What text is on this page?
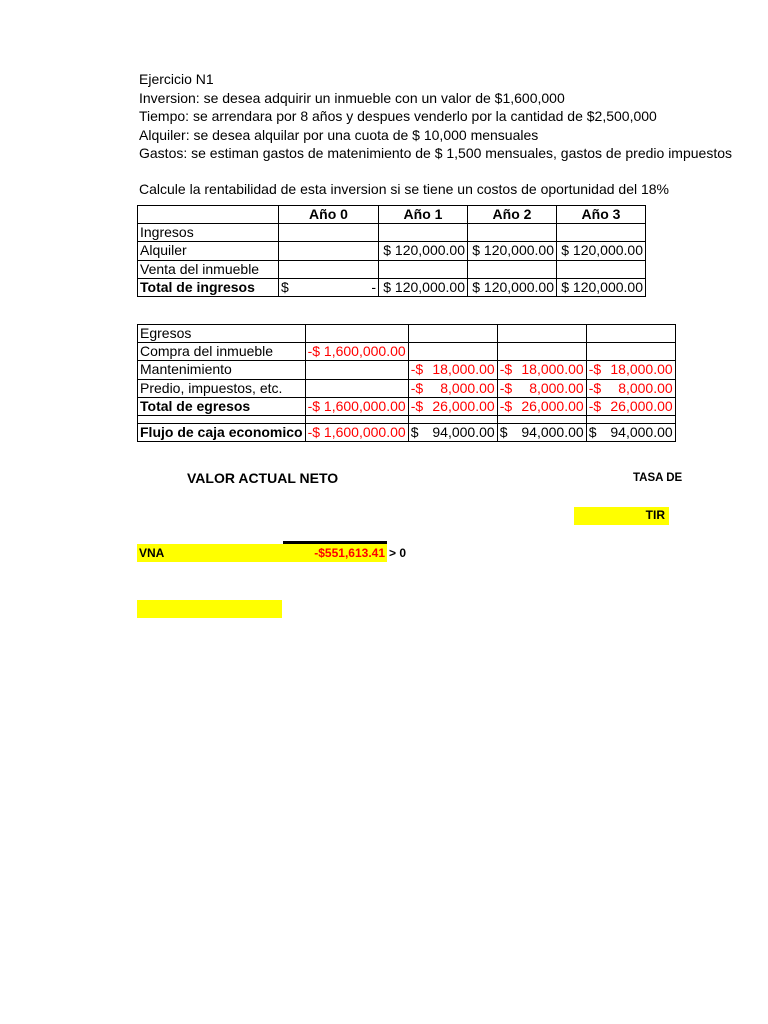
Ejercicio N1
Inversion: se desea adquirir un inmueble con un valor de $1,600,000
Tiempo: se arrendara por 8 años y despues venderlo por la cantidad de $2,500,000
Alquiler: se desea alquilar por una cuota de $ 10,000 mensuales
Gastos: se estiman gastos de matenimiento de $ 1,500 mensuales, gastos de predio impuestos
Calcule la rentabilidad de esta inversion si se tiene un costos de oportunidad del 18%
	Año 0	Año 1	Año 2	Año 3
Ingresos				
Alquiler		$ 120,000.00	$ 120,000.00	$ 120,000.00
Venta del inmueble				
Total de ingresos	$ -	$ 120,000.00	$ 120,000.00	$ 120,000.00
Egresos				
Compra del inmueble	-$ 1,600,000.00			
Mantenimiento		-$ 18,000.00	-$ 18,000.00	-$ 18,000.00

Predio, impuestos, etc.		-$ 8,000.00	-$ 8,000.00	-$ 8,000.00

Total de egresos	-$ 1,600,000.00	-$ 26,000.00	-$ 26,000.00	-$ 26,000.00

Flujo de caja economico	-$ 1,600,000.00	$ 94,000.00	$ 94,000.00	$ 94,000.00
VALOR ACTUAL NETO	TASA DE
TIR
VNA	-$551,613.41 > 0
